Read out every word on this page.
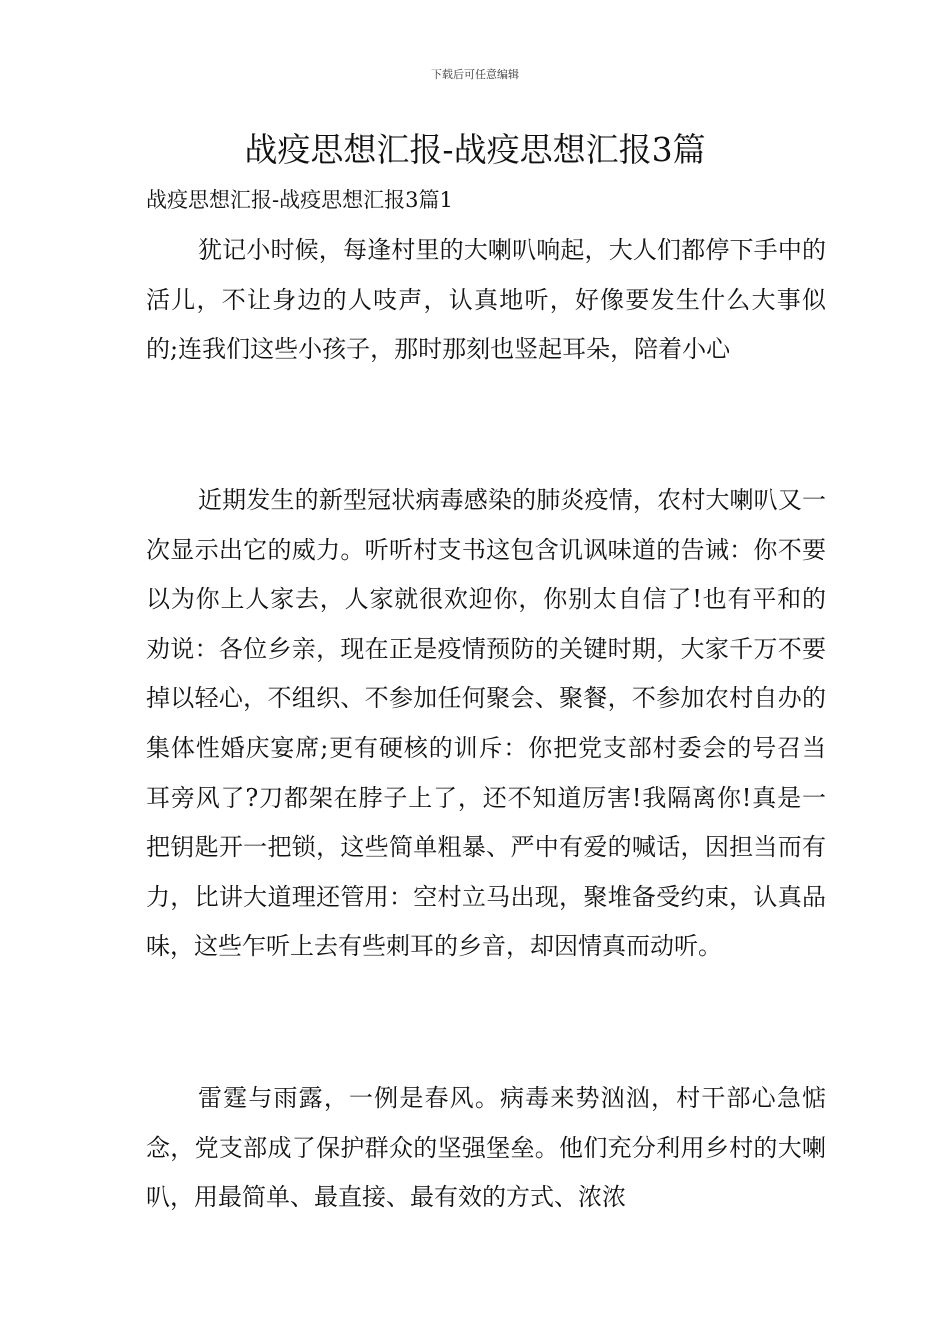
下载后可任意编辑
战疫思想汇报-战疫思想汇报3篇

战疫思想汇报-战疫思想汇报3篇1

犹记小时候，每逢村里的大喇叭响起，大人们都停下手中的活儿，不让身边的人吱声，认真地听，好像要发生什么大事似的;连我们这些小孩子，那时那刻也竖起耳朵，陪着小心

近期发生的新型冠状病毒感染的肺炎疫情，农村大喇叭又一次显示出它的威力。听听村支书这包含讥讽味道的告诫：你不要以为你上人家去，人家就很欢迎你，你别太自信了!也有平和的劝说：各位乡亲，现在正是疫情预防的关键时期，大家千万不要掉以轻心，不组织、不参加任何聚会、聚餐，不参加农村自办的集体性婚庆宴席;更有硬核的训斥：你把党支部村委会的号召当耳旁风了?刀都架在脖子上了，还不知道厉害!我隔离你!真是一把钥匙开一把锁，这些简单粗暴、严中有爱的喊话，因担当而有力，比讲大道理还管用：空村立马出现，聚堆备受约束，认真品味，这些乍听上去有些刺耳的乡音，却因情真而动听。

雷霆与雨露，一例是春风。病毒来势汹汹，村干部心急惦念，党支部成了保护群众的坚强堡垒。他们充分利用乡村的大喇叭，用最简单、最直接、最有效的方式、浓浓
